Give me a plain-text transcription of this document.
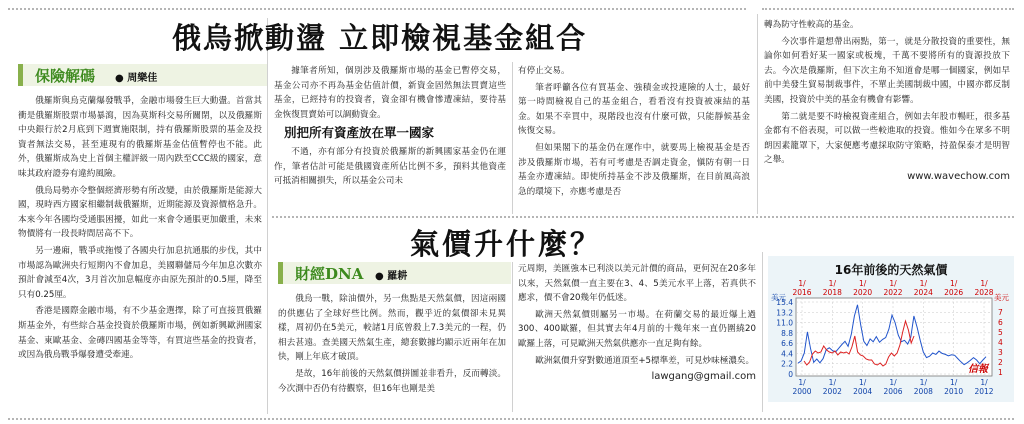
俄烏掀動盪 立即檢視基金組合
保險解碼 ● 周樂佳

俄羅斯與烏克蘭爆發戰爭，金融市場發生巨大動盪。首當其衝是俄羅斯股票市場暴瀉，因為莫斯科交易所關閉，以及俄羅斯中央銀行於2月底到下週實施限制，持有俄羅斯股票的基金及投資者無法交易，甚至連現有的俄羅斯基金估值暫停也不能。此外，俄羅斯成為史上首個主權評級一周內跌至CCC級的國家，意味其政府證券有違約風險。

俄烏局勢亦令整個經濟形勢有所改變，由於俄羅斯是能源大國，現時西方國家相繼制裁俄羅斯，近期能源及資源價格急升。本來今年各國均受通脹困擾，如此一來會令通脹更加嚴重，未來物價將有一段長時間居高不下。

另一邊廂，戰爭或拖慢了各國央行加息抗通脹的步伐，其中市場認為歐洲央行短期內不會加息，美國聯儲局今年加息次數亦預計會減至4次，3月首次加息幅度亦由原先預計的0.5厘，降至只有0.25厘。

香港是國際金融市場，有不少基金選擇，除了可直接買俄羅斯基金外，有些綜合基金投資於俄羅斯市場，例如新興歐洲國家基金、東歐基金、金磚四國基金等等，有買這些基金的投資者，或因為俄烏戰爭爆發遭受牽連。

據筆者所知，個別涉及俄羅斯市場的基金已暫停交易，基金公司亦不再為基金估值計價，新資金固然無法買賣這些基金，已經持有的投資者，資金卻有機會慘遭凍結，要待基金恢復買賣始可以調動資金。

別把所有資產放在單一國家

不過，亦有部分有投資於俄羅斯的新興國家基金仍在運作，筆者估計可能是俄國資產所佔比例不多，預料其他資產可抵消相關損失，所以基金公司未

有停止交易。

筆者呼籲各位有買基金、強積金或投連險的人士，最好第一時間檢視自己的基金組合，看看沒有投資被凍結的基金。如果不幸買中，現階段也沒有什麼可做，只能靜候基金恢復交易。

但如果閣下的基金仍在運作中，就要馬上檢視基金是否涉及俄羅斯市場，若有可考慮是否調走資金，愼防有朝一日基金亦遭凍結。即使所持基金不涉及俄羅斯，在目前風高浪急的環境下，亦應考慮是否

轉為防守性較高的基金。

今次事件還想帶出兩點，第一，就是分散投資的重要性，無論你如何看好某一國家或板塊，千萬不要將所有的資源投放下去。今次是俄羅斯，但下次主角不知道會是哪一個國家，例如早前中美發生貿易制裁事件，不單止美國制裁中國，中國亦都反制美國，投資於中美的基金有機會有影響。

第二就是要不時檢視資產組合，例如去年股市暢旺，很多基金都有不俗表現，可以做一些較進取的投資。惟如今在眾多不明朗因素籠罩下，大家便應考慮採取防守策略，持盈保泰才是明智之舉。

www.wavechow.com
氣價升什麼？
財經DNA ● 羅耕

俄烏一戰，除油價外，另一焦點是天然氣價，因這兩國的供應佔了全球好些比例。然而，觀乎近的氣價卻未見異樣，周初仍在5美元，較諸1月底曾殺上7.3美元的一程，仍相去甚遠。查美國天然氣生產，總套數據均顯示近兩年在加快，剛上年底才破頂。

是故，16年前後的天然氣價拼圖並非看升，反而轉淡。今次測中否仍有待觀察，但16年也剛是美

元周期，美匯強本已利淡以美元計價的商品，更何況在20多年以來，天然氣價一直主要在3、4、5美元水平上落，若真供不應求，價不會20幾年仍低迷。

歐洲天然氣價則屬另一市場。在荷蘭交易的最近爆上過300、400歐羅，但其實去年4月前的十幾年來一直仍圍繞20歐羅上落，可見歐洲天然氣供應亦一直足夠有餘。

歐洲氣價升穿對數通道頂至+5標準差，可見炒味極濃矣。

lawgang@gmail.com
16年前後的天然氣價
1/
2016
1/
2018
1/
2020
1/
2022
1/
2024
1/
2026
1/
2028
1/
2000
1/
2002
1/
2004
1/
2006
1/
2008
1/
2010
1/
2012
美元
15.4
13.2
11.0
8.8
6.6
4.4
2.2
0
美元
7
6
5
4
3
2
1
信報
